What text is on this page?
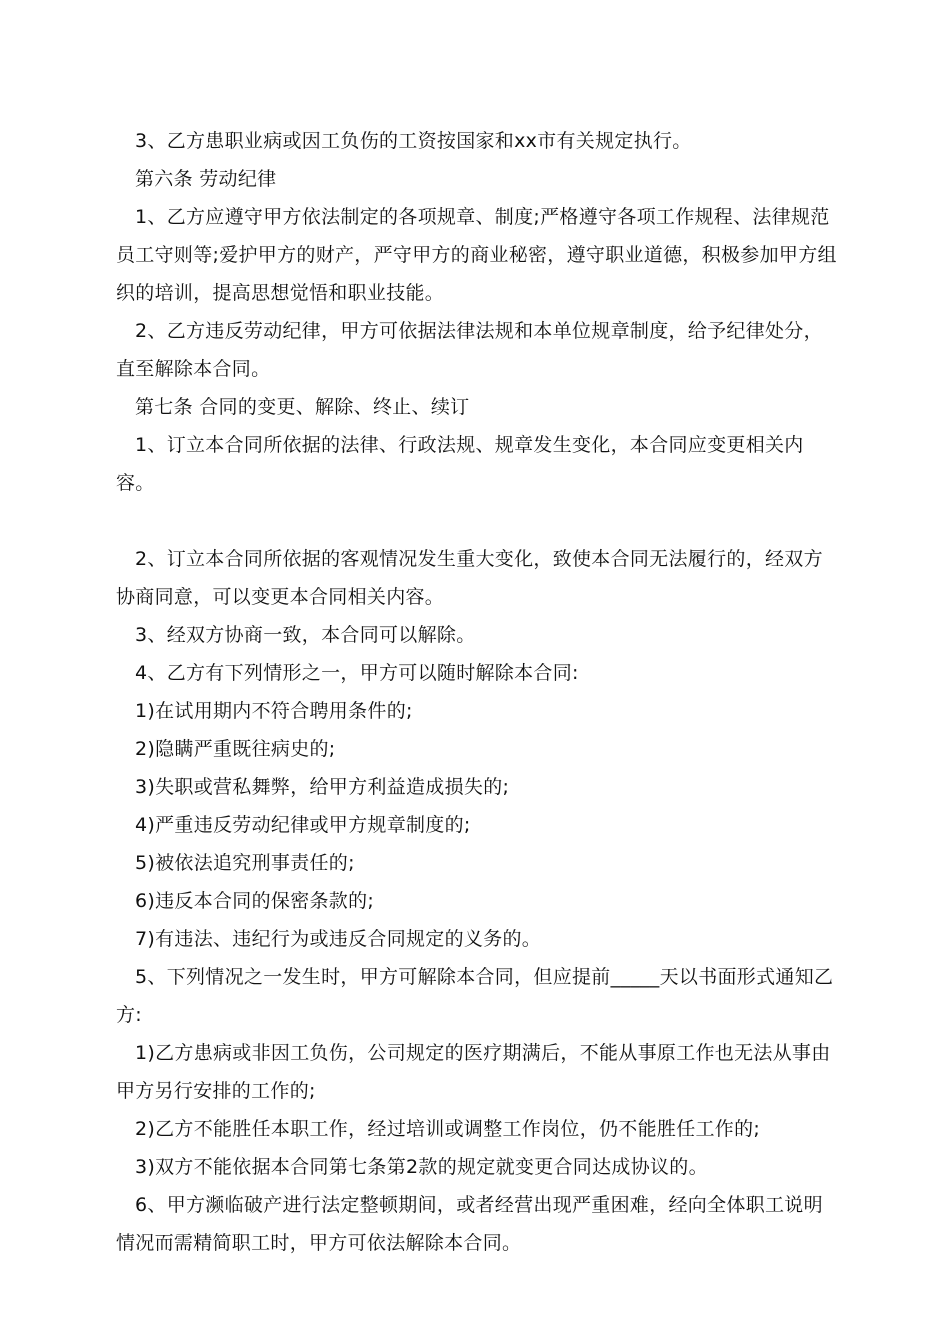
3、乙方患职业病或因工负伤的工资按国家和xx市有关规定执行。

第六条 劳动纪律

1、乙方应遵守甲方依法制定的各项规章、制度;严格遵守各项工作规程、法律规范员工守则等;爱护甲方的财产，严守甲方的商业秘密，遵守职业道德，积极参加甲方组织的培训，提高思想觉悟和职业技能。

2、乙方违反劳动纪律，甲方可依据法律法规和本单位规章制度，给予纪律处分，直至解除本合同。

第七条 合同的变更、解除、终止、续订

1、订立本合同所依据的法律、行政法规、规章发生变化，本合同应变更相关内容。

2、订立本合同所依据的客观情况发生重大变化，致使本合同无法履行的，经双方协商同意，可以变更本合同相关内容。

3、经双方协商一致，本合同可以解除。

4、乙方有下列情形之一，甲方可以随时解除本合同:

1)在试用期内不符合聘用条件的;

2)隐瞒严重既往病史的;

3)失职或营私舞弊，给甲方利益造成损失的;

4)严重违反劳动纪律或甲方规章制度的;

5)被依法追究刑事责任的;

6)违反本合同的保密条款的;

7)有违法、违纪行为或违反合同规定的义务的。

5、下列情况之一发生时，甲方可解除本合同，但应提前_____天以书面形式通知乙方:

1)乙方患病或非因工负伤，公司规定的医疗期满后，不能从事原工作也无法从事由甲方另行安排的工作的;

2)乙方不能胜任本职工作，经过培训或调整工作岗位，仍不能胜任工作的;

3)双方不能依据本合同第七条第2款的规定就变更合同达成协议的。

6、甲方濒临破产进行法定整顿期间，或者经营出现严重困难，经向全体职工说明情况而需精简职工时，甲方可依法解除本合同。
